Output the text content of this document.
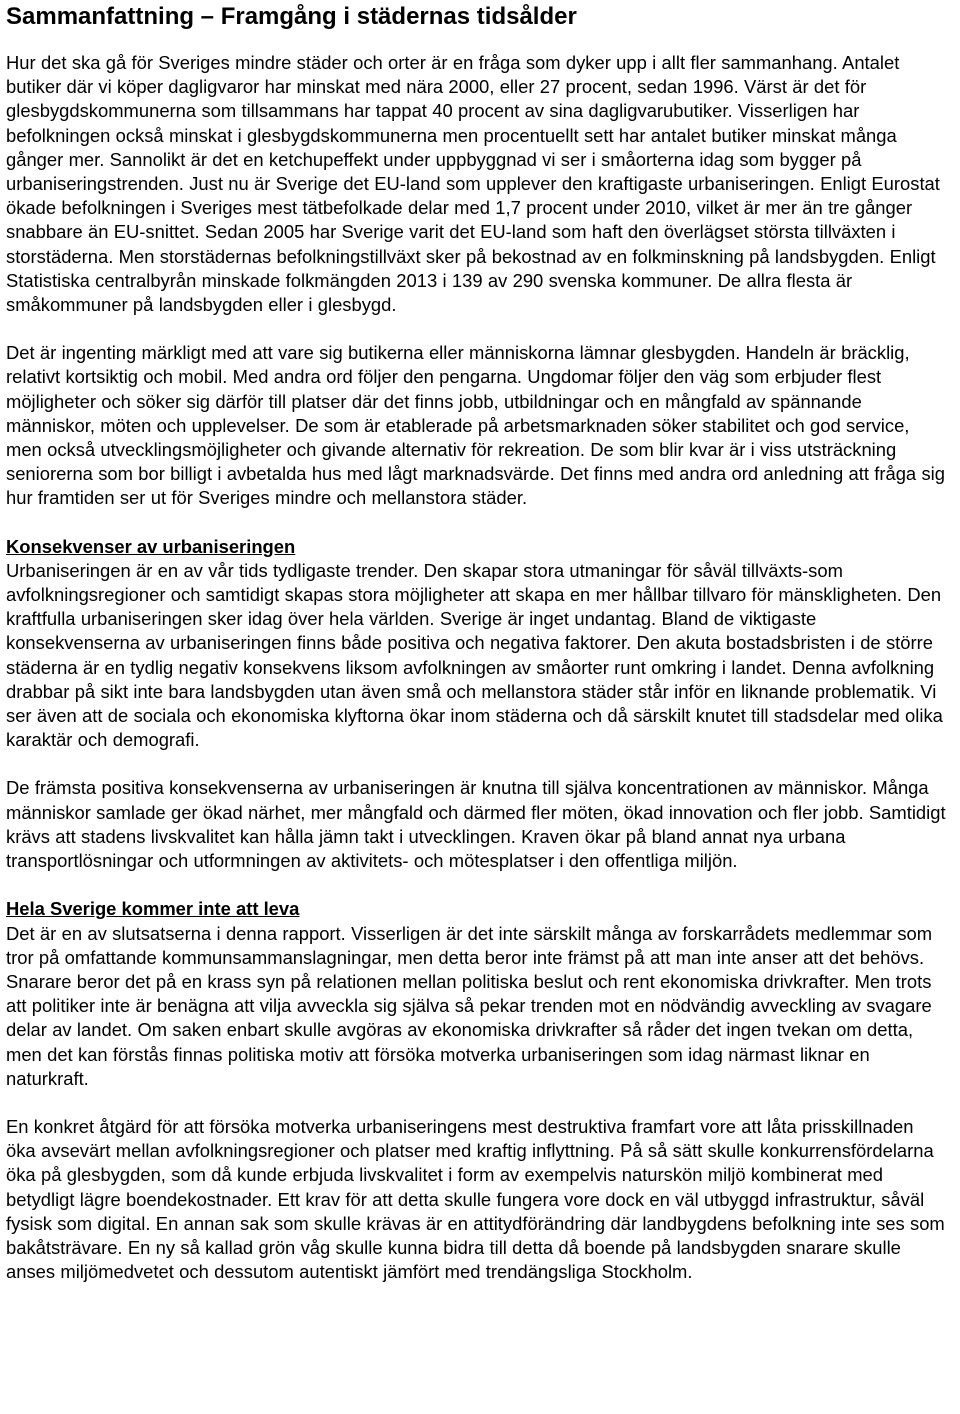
Sammanfattning – Framgång i städernas tidsålder

Hur det ska gå för Sveriges mindre städer och orter är en fråga som dyker upp i allt fler sammanhang. Antalet butiker där vi köper dagligvaror har minskat med nära 2000, eller 27 procent, sedan 1996. Värst är det för glesbygdskommunerna som tillsammans har tappat 40 procent av sina dagligvarubutiker. Visserligen har befolkningen också minskat i glesbygdskommunerna men procentuellt sett har antalet butiker minskat många gånger mer. Sannolikt är det en ketchupeffekt under uppbyggnad vi ser i småorterna idag som bygger på urbaniseringstrenden. Just nu är Sverige det EU-land som upplever den kraftigaste urbaniseringen. Enligt Eurostat ökade befolkningen i Sveriges mest tätbefolkade delar med 1,7 procent under 2010, vilket är mer än tre gånger snabbare än EU-snittet. Sedan 2005 har Sverige varit det EU-land som haft den överlägset största tillväxten i storstäderna. Men storstädernas befolkningstillväxt sker på bekostnad av en folkminskning på landsbygden. Enligt Statistiska centralbyrån minskade folkmängden 2013 i 139 av 290 svenska kommuner. De allra flesta är småkommuner på landsbygden eller i glesbygd.

Det är ingenting märkligt med att vare sig butikerna eller människorna lämnar glesbygden. Handeln är bräcklig, relativt kortsiktig och mobil. Med andra ord följer den pengarna. Ungdomar följer den väg som erbjuder flest möjligheter och söker sig därför till platser där det finns jobb, utbildningar och en mångfald av spännande människor, möten och upplevelser. De som är etablerade på arbetsmarknaden söker stabilitet och god service, men också utvecklingsmöjligheter och givande alternativ för rekreation. De som blir kvar är i viss utsträckning seniorerna som bor billigt i avbetalda hus med lågt marknadsvärde. Det finns med andra ord anledning att fråga sig hur framtiden ser ut för Sveriges mindre och mellanstora städer.

Konsekvenser av urbaniseringen

Urbaniseringen är en av vår tids tydligaste trender. Den skapar stora utmaningar för såväl tillväxts-som avfolkningsregioner och samtidigt skapas stora möjligheter att skapa en mer hållbar tillvaro för mänskligheten. Den kraftfulla urbaniseringen sker idag över hela världen. Sverige är inget undantag. Bland de viktigaste konsekvenserna av urbaniseringen finns både positiva och negativa faktorer. Den akuta bostadsbristen i de större städerna är en tydlig negativ konsekvens liksom avfolkningen av småorter runt omkring i landet. Denna avfolkning drabbar på sikt inte bara landsbygden utan även små och mellanstora städer står inför en liknande problematik. Vi ser även att de sociala och ekonomiska klyftorna ökar inom städerna och då särskilt knutet till stadsdelar med olika karaktär och demografi.

De främsta positiva konsekvenserna av urbaniseringen är knutna till själva koncentrationen av människor. Många människor samlade ger ökad närhet, mer mångfald och därmed fler möten, ökad innovation och fler jobb. Samtidigt krävs att stadens livskvalitet kan hålla jämn takt i utvecklingen. Kraven ökar på bland annat nya urbana transportlösningar och utformningen av aktivitets- och mötesplatser i den offentliga miljön.

Hela Sverige kommer inte att leva

Det är en av slutsatserna i denna rapport. Visserligen är det inte särskilt många av forskarrådets medlemmar som tror på omfattande kommunsammanslagningar, men detta beror inte främst på att man inte anser att det behövs. Snarare beror det på en krass syn på relationen mellan politiska beslut och rent ekonomiska drivkrafter. Men trots att politiker inte är benägna att vilja avveckla sig själva så pekar trenden mot en nödvändig avveckling av svagare delar av landet. Om saken enbart skulle avgöras av ekonomiska drivkrafter så råder det ingen tvekan om detta, men det kan förstås finnas politiska motiv att försöka motverka urbaniseringen som idag närmast liknar en naturkraft.

En konkret åtgärd för att försöka motverka urbaniseringens mest destruktiva framfart vore att låta prisskillnaden öka avsevärt mellan avfolkningsregioner och platser med kraftig inflyttning. På så sätt skulle konkurrensfördelarna öka på glesbygden, som då kunde erbjuda livskvalitet i form av exempelvis naturskön miljö kombinerat med betydligt lägre boendekostnader. Ett krav för att detta skulle fungera vore dock en väl utbyggd infrastruktur, såväl fysisk som digital. En annan sak som skulle krävas är en attitydförändring där landbygdens befolkning inte ses som bakåtsträvare. En ny så kallad grön våg skulle kunna bidra till detta då boende på landsbygden snarare skulle anses miljömedvetet och dessutom autentiskt jämfört med trendängsliga Stockholm.
